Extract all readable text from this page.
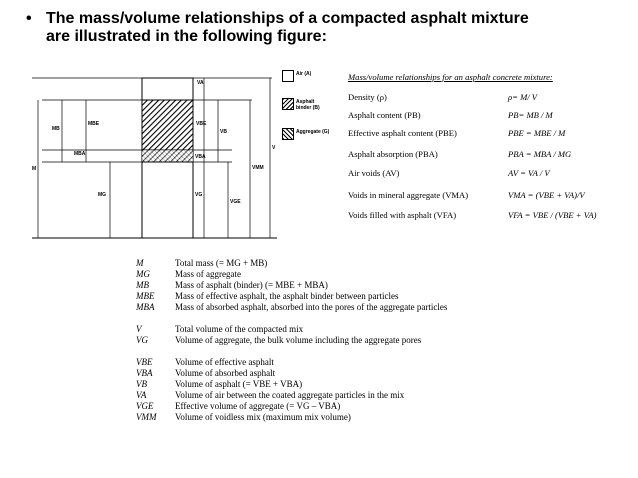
• The mass/volume relationships of a compacted asphalt mixture
are illustrated in the following figure:
M
MB
MBE
MBA
MG
VA
VBE
VB
V
VBA
VMM
VG
VGE
Air (A)
Asphalt binder (B)
Aggregate (G)
Mass/volume relationships for an asphalt concrete mixture:
Density (ρ)	ρ= M/ V
Asphalt content (PB)	PB= MB / M
Effective asphalt content (PBE)	PBE = MBE / M
Asphalt absorption (PBA)	PBA = MBA / MG
Air voids (AV)	AV = VA / V
Voids in mineral aggregate (VMA)	VMA = (VBE + VA)/V
Voids filled with asphalt (VFA)	VFA = VBE / (VBE + VA)
M	Total mass (= MG + MB)
MG	Mass of aggregate
MB	Mass of asphalt (binder) (= MBE + MBA)
MBE Mass of effective asphalt, the asphalt binder between particles
MBA Mass of absorbed asphalt, absorbed into the pores of the aggregate particles
V	Total volume of the compacted mix
VG	Volume of aggregate, the bulk volume including the aggregate pores
VBE	Volume of effective asphalt
VBA	Volume of absorbed asphalt
VB	Volume of asphalt (= VBE + VBA)
VA	Volume of air between the coated aggregate particles in the mix
VGE Effective volume of aggregate (= VG – VBA)
VMM Volume of voidless mix (maximum mix volume)
